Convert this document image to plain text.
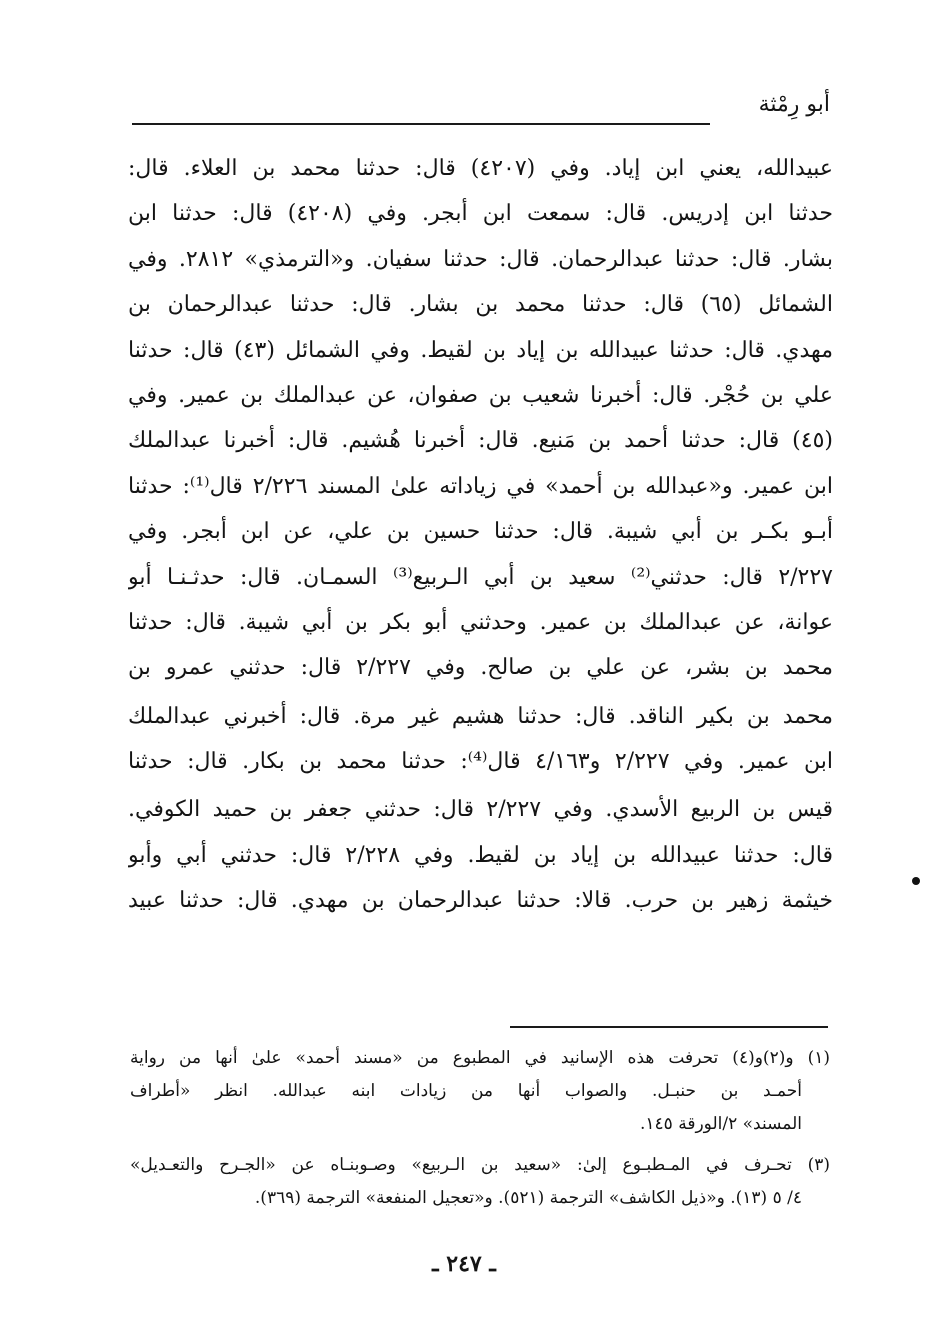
أبو رِمْثة
عبيدالله، يعني ابن إياد. وفي (٤٢٠٧) قال: حدثنا محمد بن العلاء. قال:
حدثنا ابن إدريس. قال: سمعت ابن أبجر. وفي (٤٢٠٨) قال: حدثنا ابن
بشار. قال: حدثنا عبدالرحمان. قال: حدثنا سفيان. و«الترمذي» ٢٨١٢. وفي
الشمائل (٦٥) قال: حدثنا محمد بن بشار. قال: حدثنا عبدالرحمان بن
مهدي. قال: حدثنا عبيدالله بن إياد بن لقيط. وفي الشمائل (٤٣) قال: حدثنا
علي بن حُجْر. قال: أخبرنا شعيب بن صفوان، عن عبدالملك بن عمير. وفي
(٤٥) قال: حدثنا أحمد بن مَنيع. قال: أخبرنا هُشيم. قال: أخبرنا عبدالملك
ابن عمير. و«عبدالله بن أحمد» في زياداته علىٰ المسند ٢/٢٢٦ قال⁽¹⁾: حدثنا
أبـو بكـر بن أبي شيبة. قال: حدثنا حسين بن علي، عن ابن أبجر. وفي
٢/٢٢٧ قال: حدثني⁽²⁾ سعيد بن أبي الـربيع⁽³⁾ السمـان. قال: حدثـنـا أبو
عوانة، عن عبدالملك بن عمير. وحدثني أبو بكر بن أبي شيبة. قال: حدثنا
محمد بن بشر، عن علي بن صالح. وفي ٢/٢٢٧ قال: حدثني عمرو بن
محمد بن بكير الناقد. قال: حدثنا هشيم غير مرة. قال: أخبرني عبدالملك
ابن عمير. وفي ٢/٢٢٧ و٤/١٦٣ قال⁽⁴⁾: حدثنا محمد بن بكار. قال: حدثنا
قيس بن الربيع الأسدي. وفي ٢/٢٢٧ قال: حدثني جعفر بن حميد الكوفي.
قال: حدثنا عبيدالله بن إياد بن لقيط. وفي ٢/٢٢٨ قال: حدثني أبي وأبو
خيثمة زهير بن حرب. قالا: حدثنا عبدالرحمان بن مهدي. قال: حدثنا عبيد
(١) و(٢)و(٤) تحرفت هذه الإسانيد في المطبوع من «مسند أحمد» علىٰ أنها من رواية
أحمـد بن حنبـل. والصواب أنها من زيادات ابنه عبدالله. انظر «أطراف
المسند» ٢/الورقة ١٤٥.
(٣) تحـرف في المـطبـوع إلىٰ: «سعيد بن الـربيع» وصـوبنـاه عن «الجـرح والتعـديل»
٤/ ٥ (١٣). و«ذيل الكاشف» الترجمة (٥٢١). و«تعجيل المنفعة» الترجمة (٣٦٩).
ـ ٢٤٧ ـ
